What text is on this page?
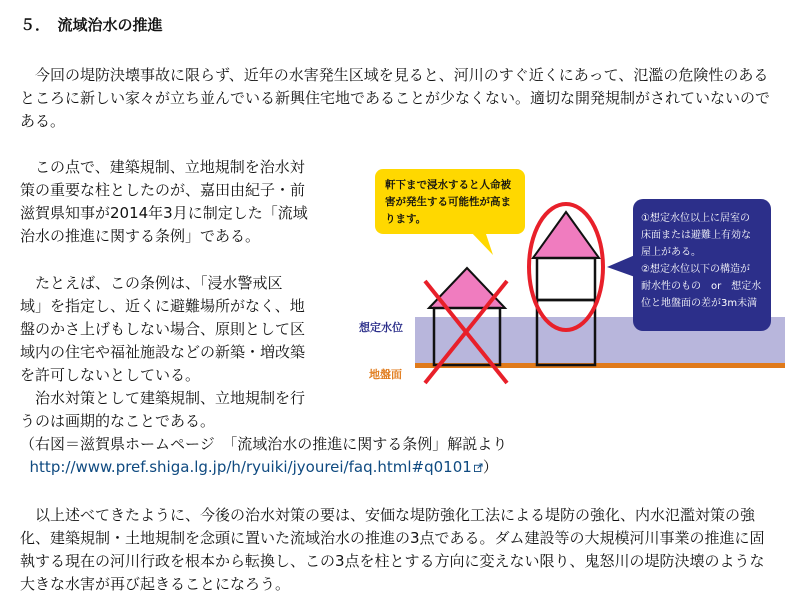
５．　流域治水の推進

　今回の堤防決壊事故に限らず、近年の水害発生区域を見ると、河川のすぐ近くにあって、氾濫の危険性のある
ところに新しい家々が立ち並んでいる新興住宅地であることが少なくない。適切な開発規制がされていないので
ある。

　この点で、建築規制、立地規制を治水対
策の重要な柱としたのが、嘉田由紀子・前
滋賀県知事が2014年3月に制定した「流域
治水の推進に関する条例」である。

　たとえば、この条例は、「浸水警戒区
域」を指定し、近くに避難場所がなく、地
盤のかさ上げもしない場合、原則として区
域内の住宅や福祉施設などの新築・増改築
を許可しないとしている。
　治水対策として建築規制、立地規制を行
うのは画期的なことである。

（右図＝滋賀県ホームページ　「流域治水の推進に関する条例」解説より
http://www.pref.shiga.lg.jp/h/ryuiki/jyourei/faq.html#q0101 ）

　以上述べてきたように、今後の治水対策の要は、安価な堤防強化工法による堤防の強化、内水氾濫対策の強
化、建築規制・土地規制を念頭に置いた流域治水の推進の3点である。ダム建設等の大規模河川事業の推進に固
執する現在の河川行政を根本から転換し、この3点を柱とする方向に変えない限り、鬼怒川の堤防決壊のような
大きな水害が再び起きることになろう。

軒下まで浸水すると人命被
害が発生する可能性が高ま
ります。	①想定水位以上に居室の
床面または避難上有効な
屋上がある。
②想定水位以下の構造が
耐水性のもの　or　想定水
位と地盤面の差が3m未満
想定水位
地盤面
